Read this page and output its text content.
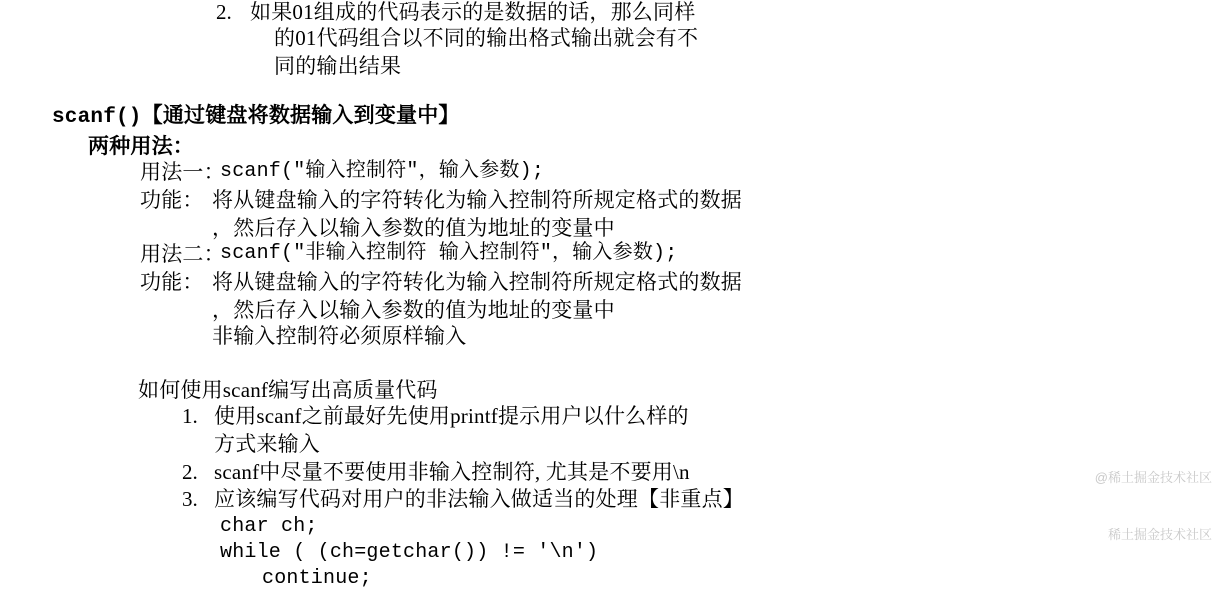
2. 如果01组成的代码表示的是数据的话，那么同样
的01代码组合以不同的输出格式输出就会有不
同的输出结果
scanf()【通过键盘将数据输入到变量中】
两种用法：
用法一：
scanf("输入控制符"，输入参数);
功能： 将从键盘输入的字符转化为输入控制符所规定格式的数据
，然后存入以输入参数的值为地址的变量中
用法二：
scanf("非输入控制符 输入控制符"，输入参数);
功能： 将从键盘输入的字符转化为输入控制符所规定格式的数据
，然后存入以输入参数的值为地址的变量中
非输入控制符必须原样输入
如何使用scanf编写出高质量代码
1. 使用scanf之前最好先使用printf提示用户以什么样的
方式来输入
2. scanf中尽量不要使用非输入控制符, 尤其是不要用\n
3. 应该编写代码对用户的非法输入做适当的处理【非重点】
char ch;
while ( (ch=getchar()) != '\n')
continue;

@稀土掘金技术社区

稀土掘金技术社区
